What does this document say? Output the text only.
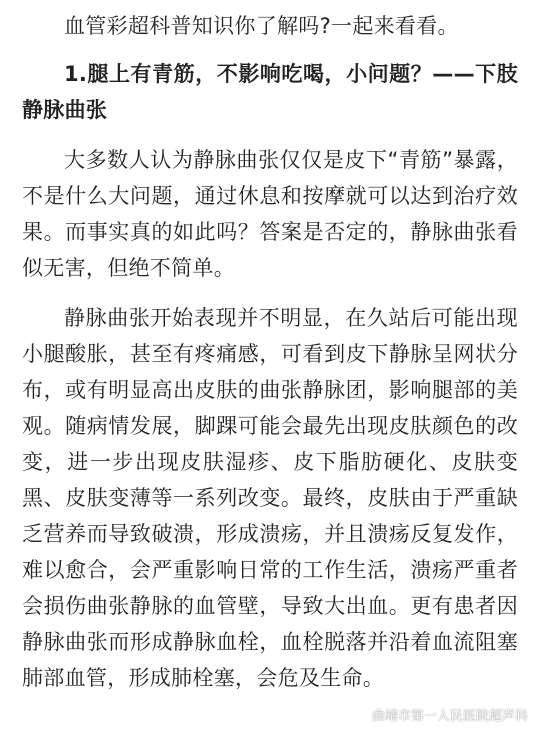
血管彩超科普知识你了解吗?一起来看看。

1.腿上有青筋，不影响吃喝，小问题？——下肢静脉曲张

大多数人认为静脉曲张仅仅是皮下“青筋”暴露，不是什么大问题，通过休息和按摩就可以达到治疗效果。而事实真的如此吗？答案是否定的，静脉曲张看似无害，但绝不简单。

静脉曲张开始表现并不明显，在久站后可能出现小腿酸胀，甚至有疼痛感，可看到皮下静脉呈网状分布，或有明显高出皮肤的曲张静脉团，影响腿部的美观。随病情发展，脚踝可能会最先出现皮肤颜色的改变，进一步出现皮肤湿疹、皮下脂肪硬化、皮肤变黑、皮肤变薄等一系列改变。最终，皮肤由于严重缺乏营养而导致破溃，形成溃疡，并且溃疡反复发作，难以愈合，会严重影响日常的工作生活，溃疡严重者会损伤曲张静脉的血管壁，导致大出血。更有患者因静脉曲张而形成静脉血栓，血栓脱落并沿着血流阻塞肺部血管，形成肺栓塞，会危及生命。

曲靖市第一人民医院超声科
